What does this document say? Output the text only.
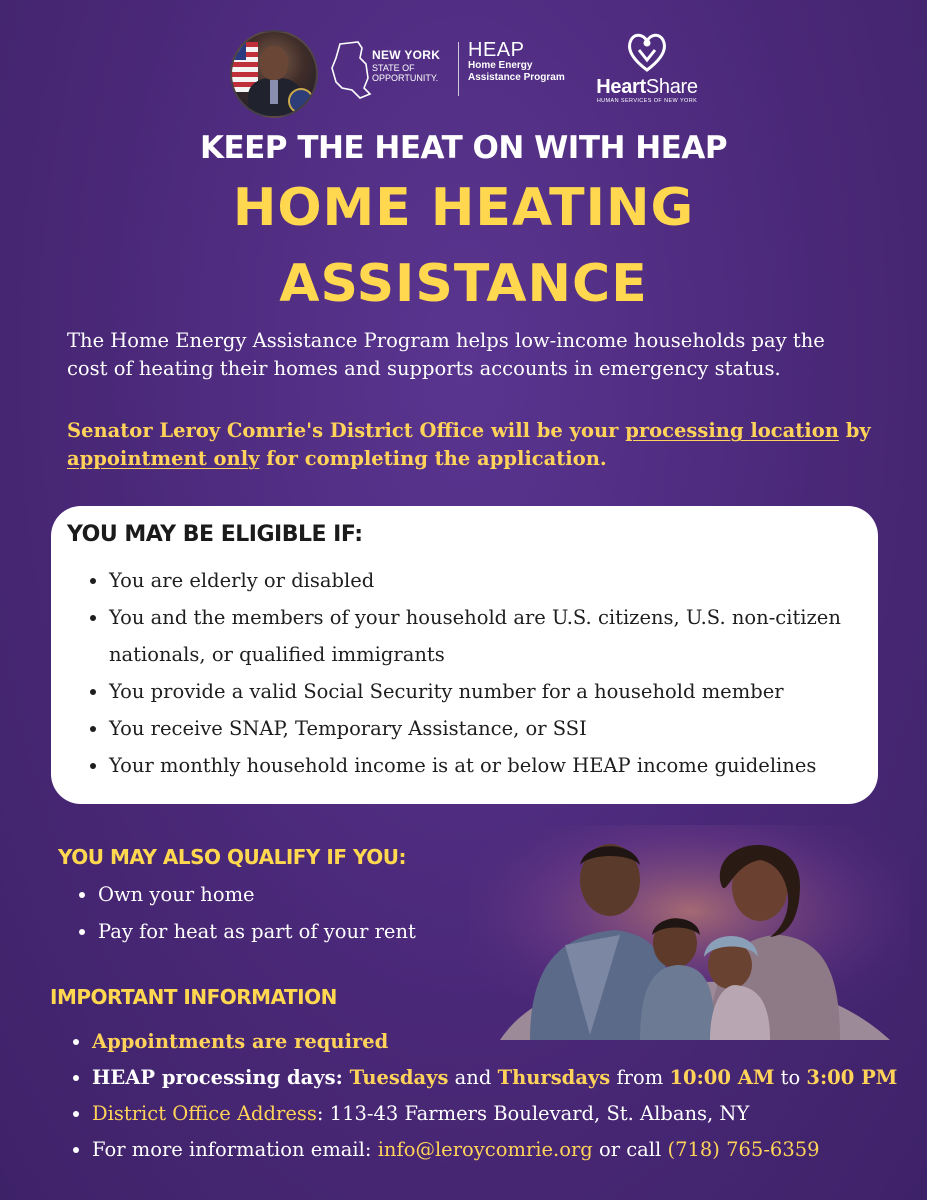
NEW YORK
STATE OF OPPORTUNITY.
HEAP
Home Energy Assistance Program HeartShare
HUMAN SERVICES OF NEW YORK
KEEP THE HEAT ON WITH HEAP
HOME HEATING
ASSISTANCE
The Home Energy Assistance Program helps low-income households pay the cost of heating their homes and supports accounts in emergency status.
Senator Leroy Comrie's District Office will be your processing location by appointment only for completing the application.
YOU MAY BE ELIGIBLE IF:
• You are elderly or disabled
• You and the members of your household are U.S. citizens, U.S. non-citizen nationals, or qualified immigrants
• You provide a valid Social Security number for a household member
• You receive SNAP, Temporary Assistance, or SSI
• Your monthly household income is at or below HEAP income guidelines
YOU MAY ALSO QUALIFY IF YOU:
• Own your home
• Pay for heat as part of your rent
IMPORTANT INFORMATION
• Appointments are required
• HEAP processing days: Tuesdays and Thursdays from 10:00 AM to 3:00 PM
• District Office Address: 113-43 Farmers Boulevard, St. Albans, NY
• For more information email: info@leroycomrie.org or call (718) 765-6359
